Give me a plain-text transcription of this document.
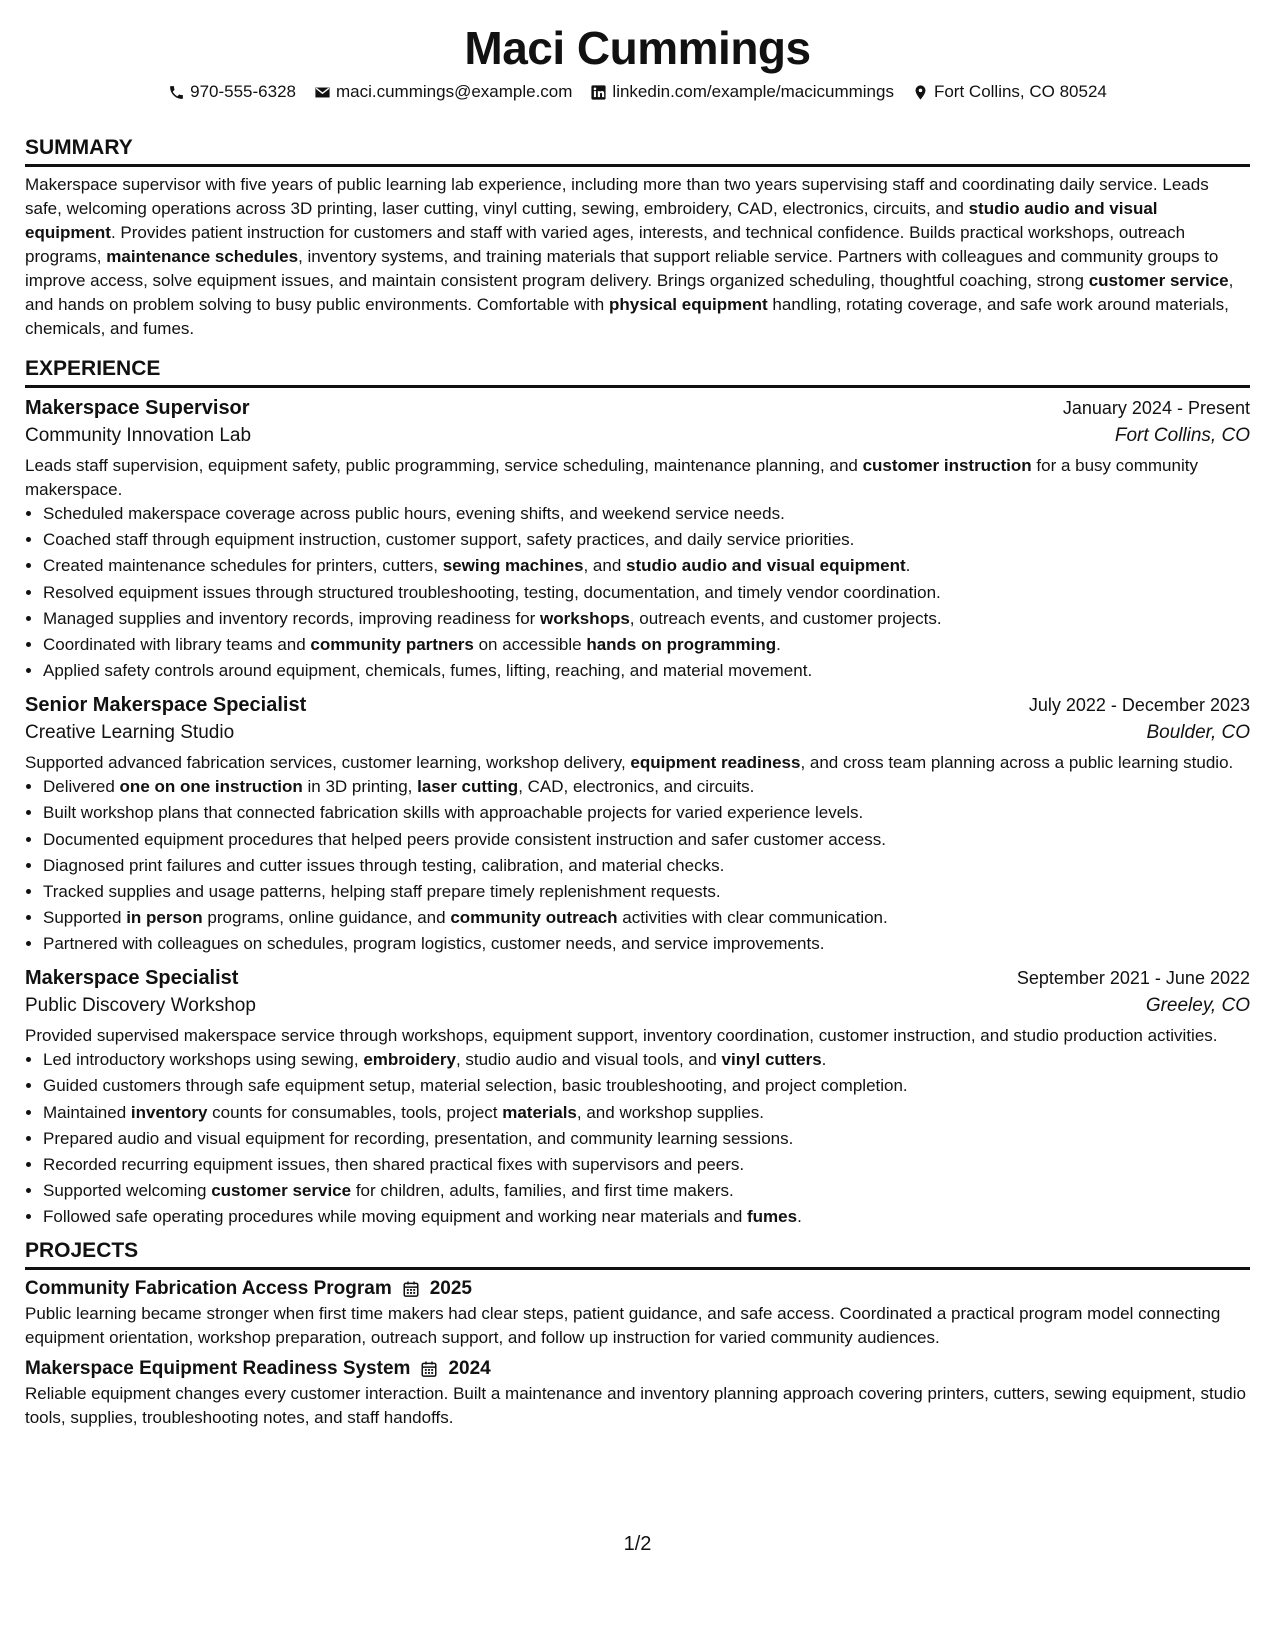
Maci Cummings
970-555-6328 maci.cummings@example.com linkedin.com/example/macicummings Fort Collins, CO 80524
SUMMARY

Makerspace supervisor with five years of public learning lab experience, including more than two years supervising staff and coordinating daily service. Leads safe, welcoming operations across 3D printing, laser cutting, vinyl cutting, sewing, embroidery, CAD, electronics, circuits, and studio audio and visual equipment. Provides patient instruction for customers and staff with varied ages, interests, and technical confidence. Builds practical workshops, outreach programs, maintenance schedules, inventory systems, and training materials that support reliable service. Partners with colleagues and community groups to improve access, solve equipment issues, and maintain consistent program delivery. Brings organized scheduling, thoughtful coaching, strong customer service, and hands on problem solving to busy public environments. Comfortable with physical equipment handling, rotating coverage, and safe work around materials, chemicals, and fumes.

EXPERIENCE
Makerspace Supervisor	January 2024 - Present
Community Innovation Lab	Fort Collins, CO

Leads staff supervision, equipment safety, public programming, service scheduling, maintenance planning, and customer instruction for a busy community makerspace.

• Scheduled makerspace coverage across public hours, evening shifts, and weekend service needs.
• Coached staff through equipment instruction, customer support, safety practices, and daily service priorities.
• Created maintenance schedules for printers, cutters, sewing machines, and studio audio and visual equipment.
• Resolved equipment issues through structured troubleshooting, testing, documentation, and timely vendor coordination.
• Managed supplies and inventory records, improving readiness for workshops, outreach events, and customer projects.
• Coordinated with library teams and community partners on accessible hands on programming.
• Applied safety controls around equipment, chemicals, fumes, lifting, reaching, and material movement.
Senior Makerspace Specialist	July 2022 - December 2023
Creative Learning Studio	Boulder, CO

Supported advanced fabrication services, customer learning, workshop delivery, equipment readiness, and cross team planning across a public learning studio.

• Delivered one on one instruction in 3D printing, laser cutting, CAD, electronics, and circuits.
• Built workshop plans that connected fabrication skills with approachable projects for varied experience levels.
• Documented equipment procedures that helped peers provide consistent instruction and safer customer access.
• Diagnosed print failures and cutter issues through testing, calibration, and material checks.
• Tracked supplies and usage patterns, helping staff prepare timely replenishment requests.
• Supported in person programs, online guidance, and community outreach activities with clear communication.
• Partnered with colleagues on schedules, program logistics, customer needs, and service improvements.
Makerspace Specialist	September 2021 - June 2022
Public Discovery Workshop	Greeley, CO

Provided supervised makerspace service through workshops, equipment support, inventory coordination, customer instruction, and studio production activities.

• Led introductory workshops using sewing, embroidery, studio audio and visual tools, and vinyl cutters.
• Guided customers through safe equipment setup, material selection, basic troubleshooting, and project completion.
• Maintained inventory counts for consumables, tools, project materials, and workshop supplies.
• Prepared audio and visual equipment for recording, presentation, and community learning sessions.
• Recorded recurring equipment issues, then shared practical fixes with supervisors and peers.
• Supported welcoming customer service for children, adults, families, and first time makers.
• Followed safe operating procedures while moving equipment and working near materials and fumes.
PROJECTS
Community Fabrication Access Program 2025

Public learning became stronger when first time makers had clear steps, patient guidance, and safe access. Coordinated a practical program model connecting equipment orientation, workshop preparation, outreach support, and follow up instruction for varied community audiences.

Makerspace Equipment Readiness System 2024

Reliable equipment changes every customer interaction. Built a maintenance and inventory planning approach covering printers, cutters, sewing equipment, studio tools, supplies, troubleshooting notes, and staff handoffs.

1/2
